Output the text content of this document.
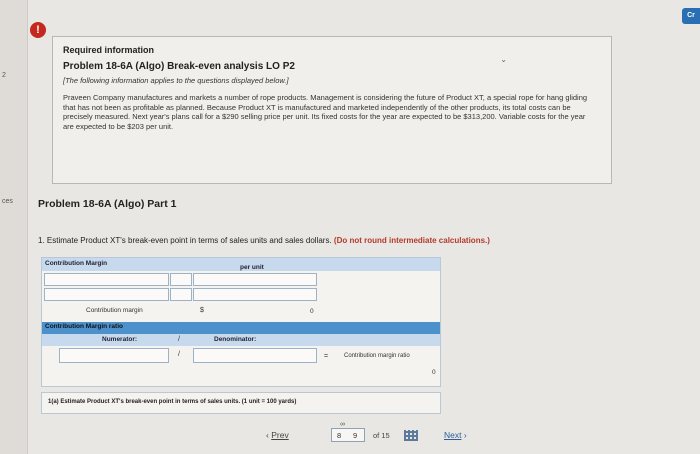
2
ces
!
Cr
Required information
Problem 18-6A (Algo) Break-even analysis LO P2
[The following information applies to the questions displayed below.]
Praveen Company manufactures and markets a number of rope products. Management is considering the future of Product XT, a special rope for hang gliding that has not been as profitable as planned. Because Product XT is manufactured and marketed independently of the other products, its total costs can be precisely measured. Next year's plans call for a $290 selling price per unit. Its fixed costs for the year are expected to be $313,200. Variable costs for the year are expected to be $203 per unit.
⌄
Problem 18-6A (Algo) Part 1
1. Estimate Product XT's break-even point in terms of sales units and sales dollars. (Do not round intermediate calculations.)
Contribution Margin
per unit
Contribution margin	$	0
Contribution Margin ratio
Numerator:	/	Denominator:
/	=	Contribution margin ratio
0
1(a) Estimate Product XT's break-even point in terms of sales units. (1 unit = 100 yards)
‹ Prev
∞
8 9 of 15	Next ›
